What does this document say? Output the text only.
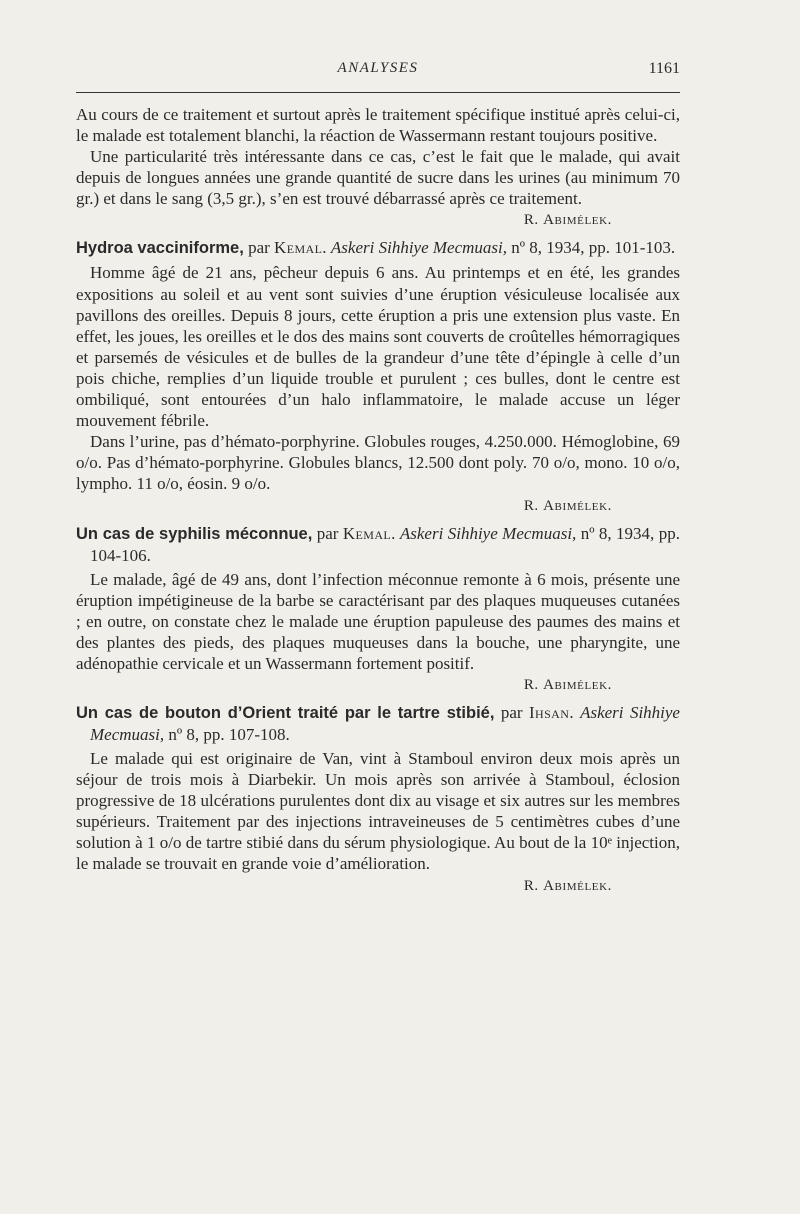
ANALYSES	1161

Au cours de ce traitement et surtout après le traitement spécifique institué après celui-ci, le malade est totalement blanchi, la réaction de Wassermann restant toujours positive.

Une particularité très intéressante dans ce cas, c’est le fait que le malade, qui avait depuis de longues années une grande quantité de sucre dans les urines (au minimum 70 gr.) et dans le sang (3,5 gr.), s’en est trouvé débarrassé après ce traitement.

R. Abimélek.

Hydroa vacciniforme, par Kemal. Askeri Sihhiye Mecmuasi, nº 8, 1934, pp. 101-103.

Homme âgé de 21 ans, pêcheur depuis 6 ans. Au printemps et en été, les grandes expositions au soleil et au vent sont suivies d’une éruption vésiculeuse localisée aux pavillons des oreilles. Depuis 8 jours, cette éruption a pris une extension plus vaste. En effet, les joues, les oreilles et le dos des mains sont couverts de croûtelles hémorragiques et parsemés de vésicules et de bulles de la grandeur d’une tête d’épingle à celle d’un pois chiche, remplies d’un liquide trouble et purulent ; ces bulles, dont le centre est ombiliqué, sont entourées d’un halo inflammatoire, le malade accuse un léger mouvement fébrile.

Dans l’urine, pas d’hémato-porphyrine. Globules rouges, 4.250.000. Hémoglobine, 69 o/o. Pas d’hémato-porphyrine. Globules blancs, 12.500 dont poly. 70 o/o, mono. 10 o/o, lympho. 11 o/o, éosin. 9 o/o.

R. Abimélek.

Un cas de syphilis méconnue, par Kemal. Askeri Sihhiye Mecmuasi, nº 8, 1934, pp. 104-106.

Le malade, âgé de 49 ans, dont l’infection méconnue remonte à 6 mois, présente une éruption impétigineuse de la barbe se caractérisant par des plaques muqueuses cutanées ; en outre, on constate chez le malade une éruption papuleuse des paumes des mains et des plantes des pieds, des plaques muqueuses dans la bouche, une pharyngite, une adénopathie cervicale et un Wassermann fortement positif.

R. Abimélek.

Un cas de bouton d’Orient traité par le tartre stibié, par Ihsan. Askeri Sihhiye Mecmuasi, nº 8, pp. 107-108.

Le malade qui est originaire de Van, vint à Stamboul environ deux mois après un séjour de trois mois à Diarbekir. Un mois après son arrivée à Stamboul, éclosion progressive de 18 ulcérations purulentes dont dix au visage et six autres sur les membres supérieurs. Traitement par des injections intraveineuses de 5 centimètres cubes d’une solution à 1 o/o de tartre stibié dans du sérum physiologique. Au bout de la 10ᵉ injection, le malade se trouvait en grande voie d’amélioration.

R. Abimélek.
